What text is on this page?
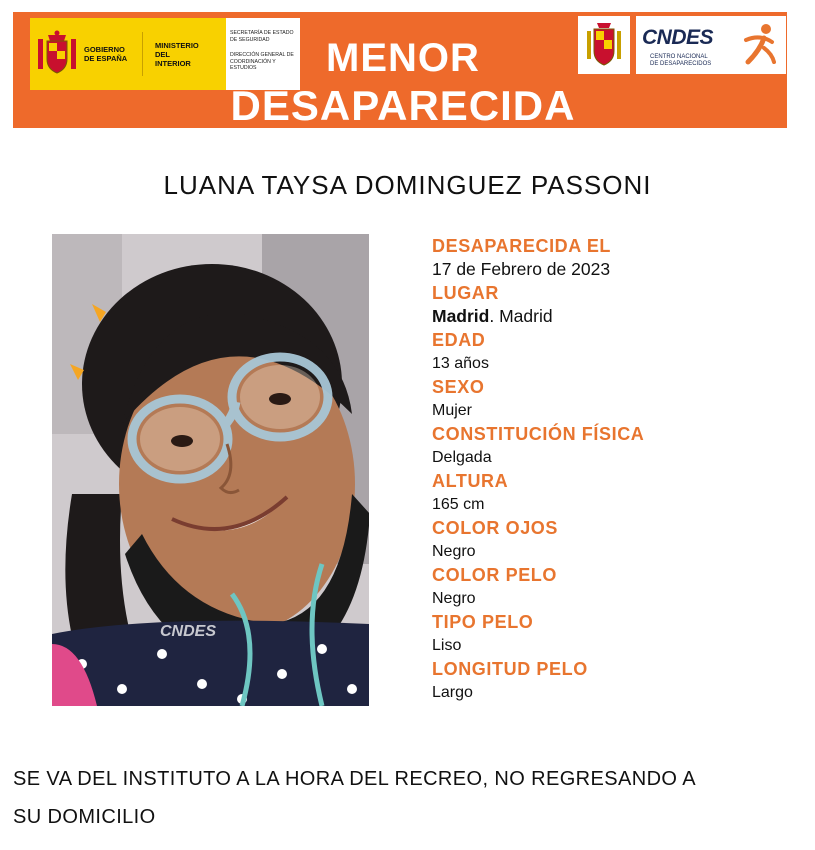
GOBIERNO DE ESPAÑA
MINISTERIO DEL INTERIOR
SECRETARÍA DE ESTADO DE SEGURIDAD
DIRECCIÓN GENERAL DE COORDINACIÓN Y ESTUDIOS	MENOR
DESAPARECIDA
CNDES
CENTRO NACIONAL
DE DESAPARECIDOS
LUANA TAYSA DOMINGUEZ PASSONI
CNDES
DESAPARECIDA EL
17 de Febrero de 2023
LUGAR
Madrid. Madrid
EDAD
13 años
SEXO
Mujer
CONSTITUCIÓN FÍSICA
Delgada
ALTURA
165 cm
COLOR OJOS
Negro
COLOR PELO
Negro
TIPO PELO
Liso
LONGITUD PELO
Largo
SE VA DEL INSTITUTO A LA HORA DEL RECREO, NO REGRESANDO A
SU DOMICILIO
